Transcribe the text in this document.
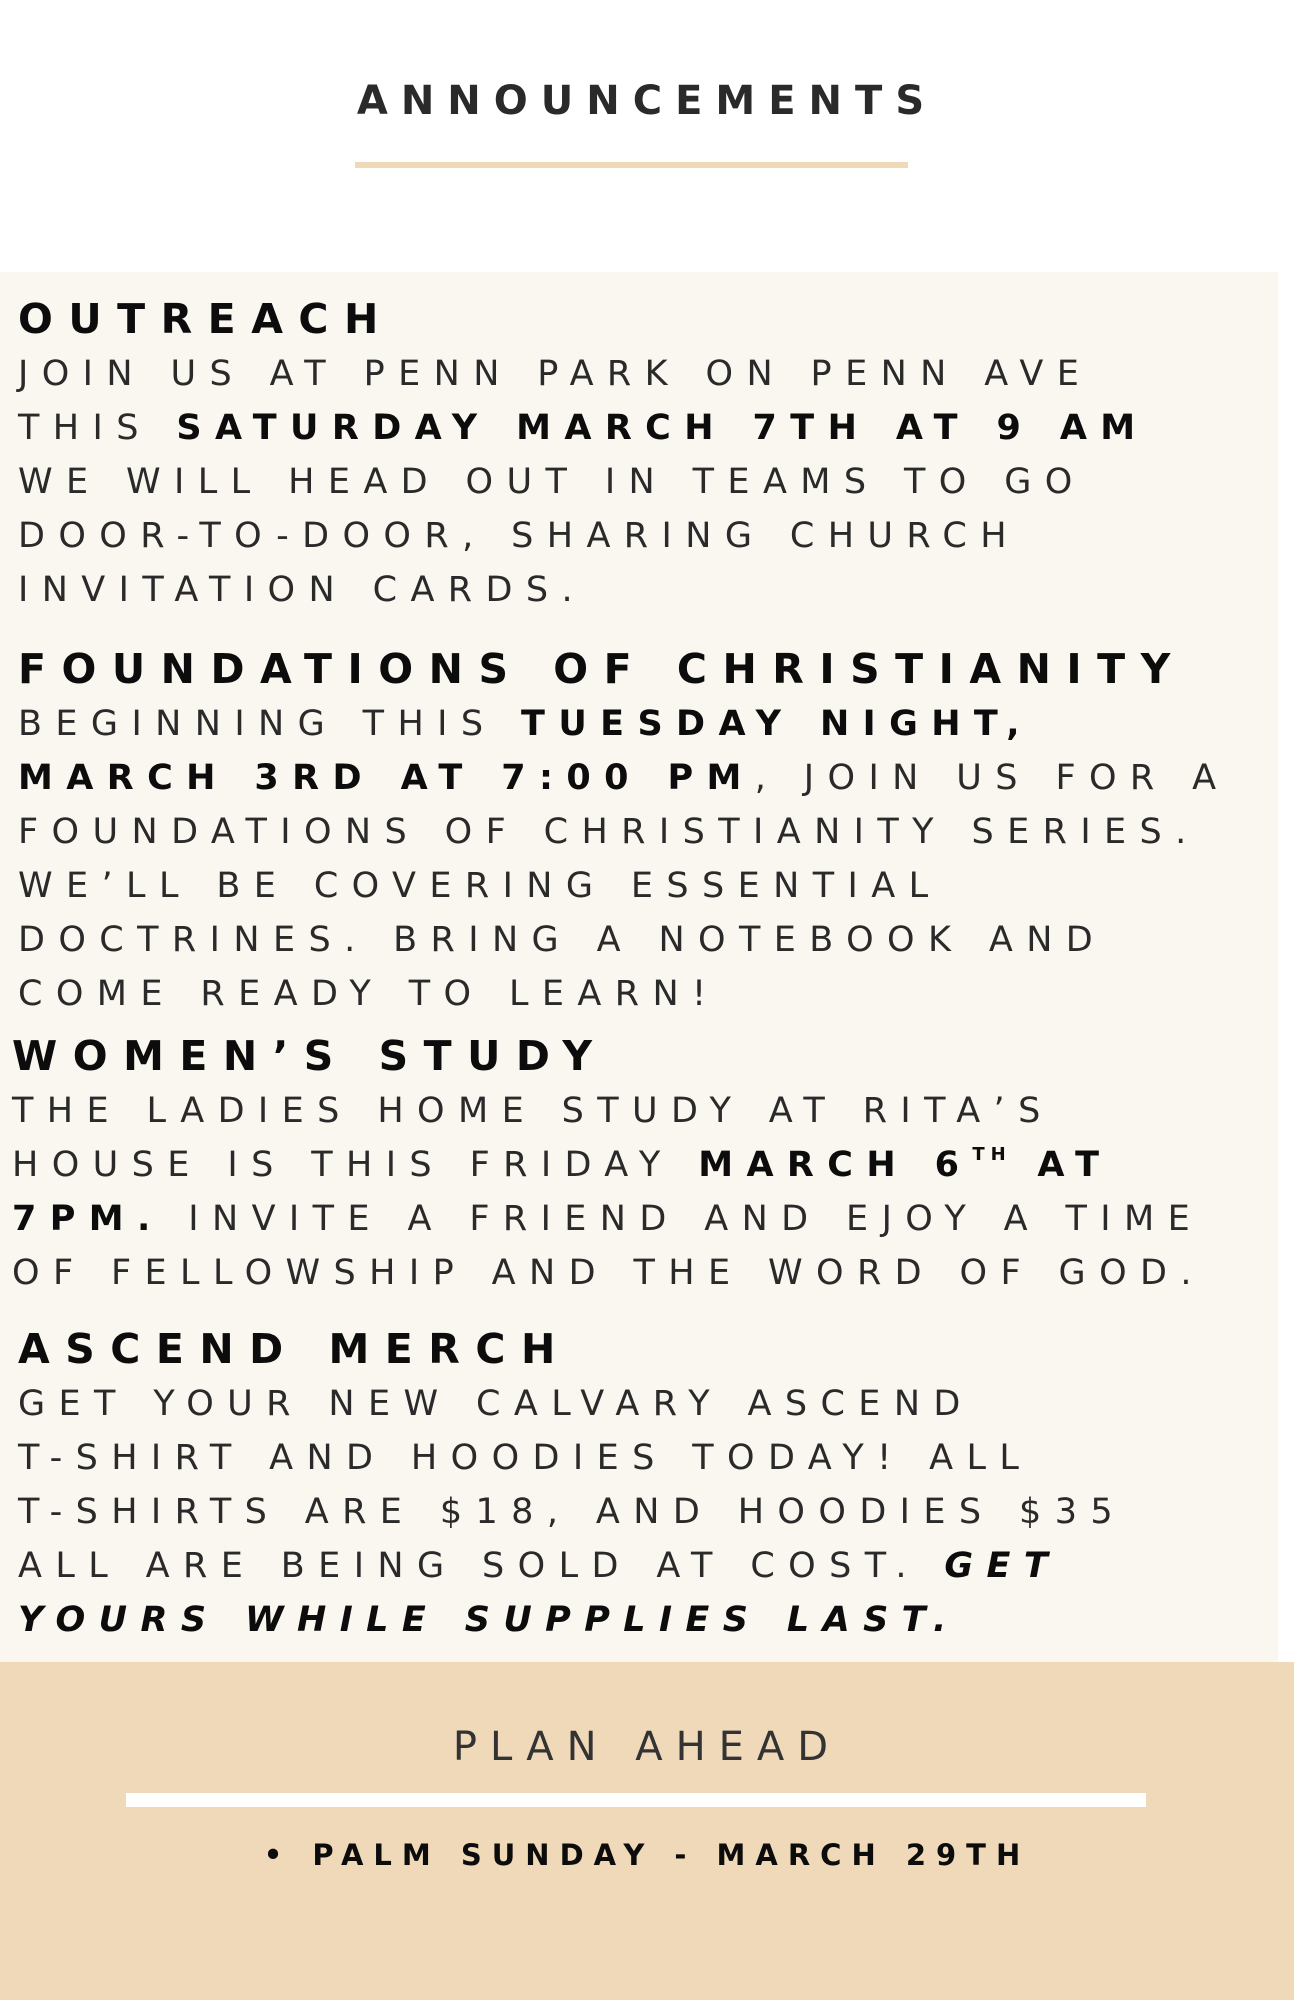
ANNOUNCEMENTS
OUTREACH
JOIN US AT PENN PARK ON PENN AVE
THIS SATURDAY MARCH 7TH AT 9 AM
WE WILL HEAD OUT IN TEAMS TO GO
DOOR-TO-DOOR, SHARING CHURCH
INVITATION CARDS.
FOUNDATIONS OF CHRISTIANITY
BEGINNING THIS TUESDAY NIGHT,
MARCH 3RD AT 7:00 PM, JOIN US FOR A
FOUNDATIONS OF CHRISTIANITY SERIES.
WE’LL BE COVERING ESSENTIAL
DOCTRINES. BRING A NOTEBOOK AND
COME READY TO LEARN!
WOMEN’S STUDY
THE LADIES HOME STUDY AT RITA’S
HOUSE IS THIS FRIDAY MARCH 6TH AT
7PM. INVITE A FRIEND AND EJOY A TIME
OF FELLOWSHIP AND THE WORD OF GOD.
ASCEND MERCH
GET YOUR NEW CALVARY ASCEND
T-SHIRT AND HOODIES TODAY! ALL
T-SHIRTS ARE $18, AND HOODIES $35
ALL ARE BEING SOLD AT COST. GET
YOURS WHILE SUPPLIES LAST.
PLAN AHEAD
• PALM SUNDAY - MARCH 29TH
